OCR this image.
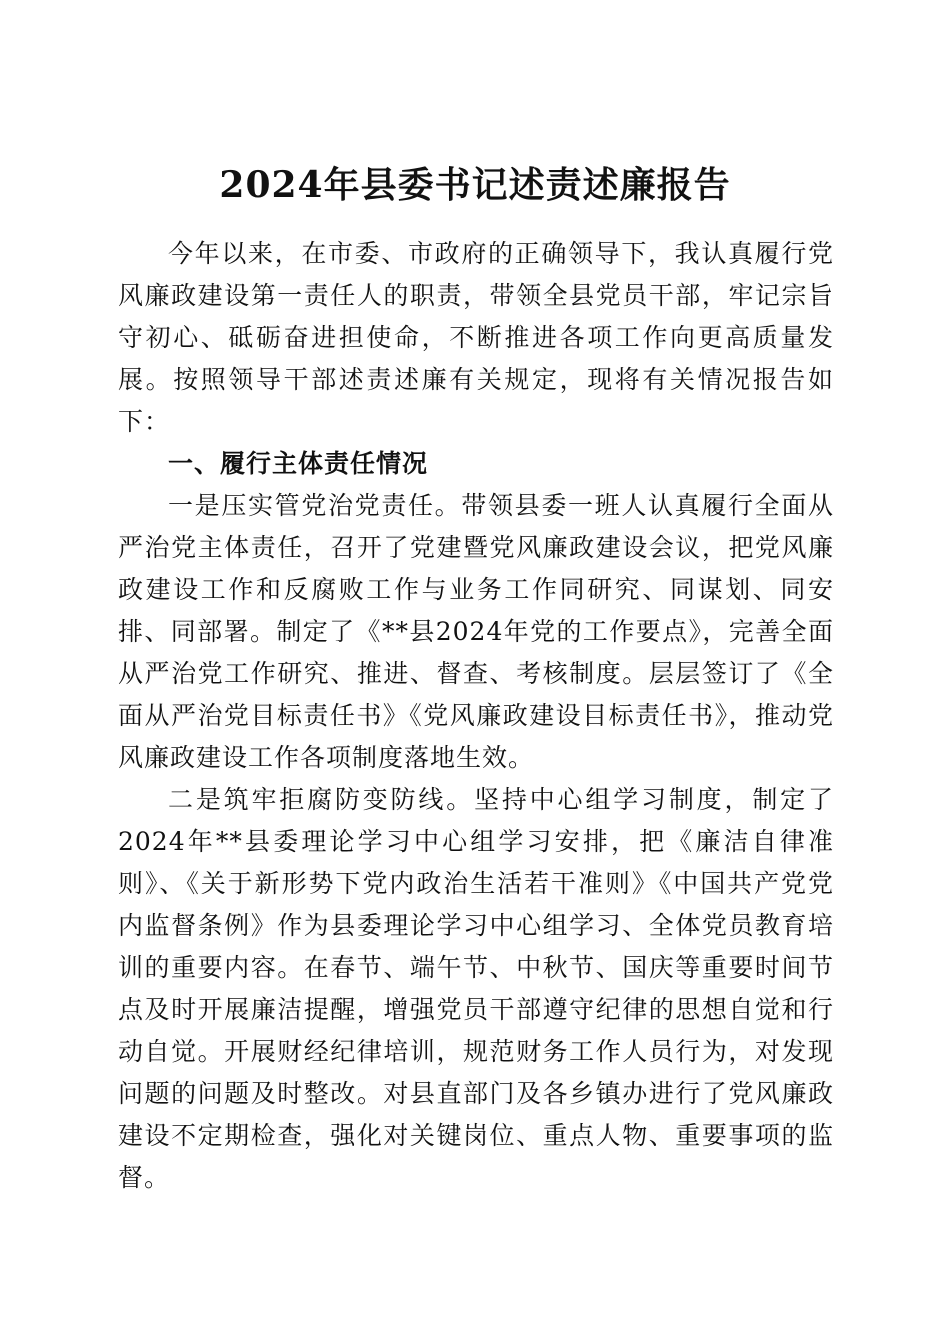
2024年县委书记述责述廉报告

今年以来，在市委、市政府的正确领导下，我认真履行党风廉政建设第一责任人的职责，带领全县党员干部，牢记宗旨守初心、砥砺奋进担使命，不断推进各项工作向更高质量发展。按照领导干部述责述廉有关规定，现将有关情况报告如下：

一、履行主体责任情况

一是压实管党治党责任。带领县委一班人认真履行全面从严治党主体责任，召开了党建暨党风廉政建设会议，把党风廉政建设工作和反腐败工作与业务工作同研究、同谋划、同安排、同部署。制定了《**县2024年党的工作要点》，完善全面从严治党工作研究、推进、督查、考核制度。层层签订了《全面从严治党目标责任书》《党风廉政建设目标责任书》，推动党风廉政建设工作各项制度落地生效。

二是筑牢拒腐防变防线。坚持中心组学习制度，制定了2024年**县委理论学习中心组学习安排，把《廉洁自律准则》、《关于新形势下党内政治生活若干准则》《中国共产党党内监督条例》作为县委理论学习中心组学习、全体党员教育培训的重要内容。在春节、端午节、中秋节、国庆等重要时间节点及时开展廉洁提醒，增强党员干部遵守纪律的思想自觉和行动自觉。开展财经纪律培训，规范财务工作人员行为，对发现问题的问题及时整改。对县直部门及各乡镇办进行了党风廉政建设不定期检查，强化对关键岗位、重点人物、重要事项的监督。
